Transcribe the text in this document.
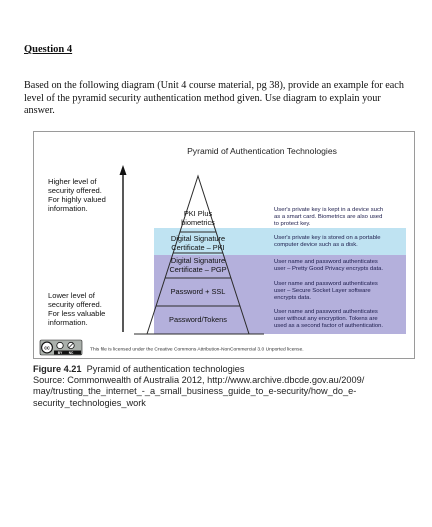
Question 4
Based on the following diagram (Unit 4 course material, pg 38), provide an example for each level of the pyramid security authentication method given. Use diagram to explain your answer.
Pyramid of Authentication Technologies
Higher level of
security offered.
For highly valued
information.
Lower level of
security offered.
For less valuable
information.
PKI Plus
biometrics
Digital Signature
Certificate – PKI
Digital Signature
Certificate – PGP
Password + SSL
Password/Tokens
User's private key is kept in a device such
as a smart card. Biometrics are also used
to protect key.
User's private key is stored on a portable
computer device such as a disk.
User name and password authenticates
user – Pretty Good Privacy encrypts data.
User name and password authenticates
user – Secure Socket Layer software
encrypts data.
User name and password authenticates
user without any encryption. Tokens are
used as a second factor of authentication.
cc
BY NC
This file is licensed under the Creative Commons Attribution-NonCommercial 3.0 Unported license.
Figure 4.21 Pyramid of authentication technologies
Source: Commonwealth of Australia 2012, http://www.archive.dbcde.gov.au/2009/
may/trusting_the_internet_-_a_small_business_guide_to_e-security/how_do_e-
security_technologies_work
